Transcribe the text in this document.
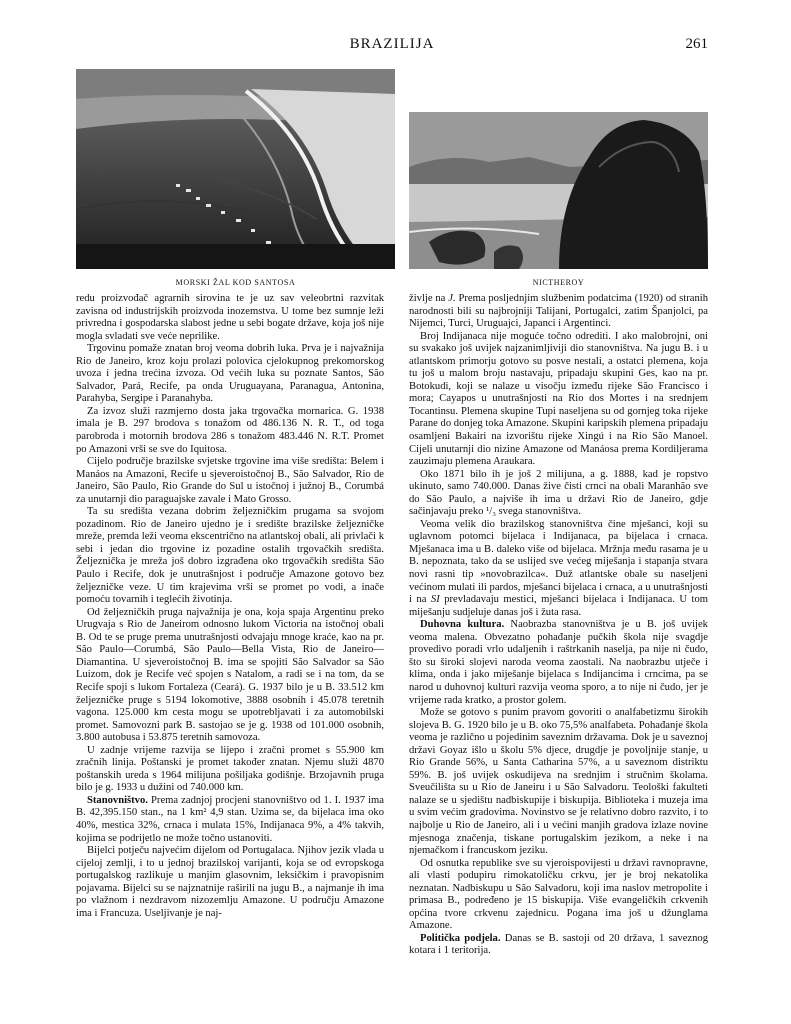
BRAZILIJA	261
MORSKI ŽAL KOD SANTOSA	NICTHEROY

redu proizvođač agrarnih sirovina te je uz sav veleobrtni razvitak zavisna od industrijskih proizvoda inozemstva. U tome bez sumnje leži privredna i gospodarska slabost jedne u sebi bogate države, koja još nije mogla svladati sve veće neprilike.

Trgovinu pomaže znatan broj veoma dobrih luka. Prva je i najvažnija Rio de Janeiro, kroz koju prolazi polovica cjelokupnog prekomorskog uvoza i jedna trećina izvoza. Od većih luka su poznate Santos, São Salvador, Pará, Recife, pa onda Uruguayana, Paranagua, Antonina, Parahyba, Sergipe i Paranahyba.

Za izvoz služi razmjerno dosta jaka trgovačka mornarica. G. 1938 imala je B. 297 brodova s tonažom od 486.136 N. R. T., od toga parobroda i motornih brodova 286 s tonažom 483.446 N. R.T. Promet po Amazoni vrši se sve do Iquitosa.

Cijelo područje brazilske svjetske trgovine ima više središta: Belem i Manáos na Amazoni, Recife u sjeveroistočnoj B., São Salvador, Rio de Janeiro, São Paulo, Rio Grande do Sul u istočnoj i južnoj B., Corumbá za unutarnji dio paraguajske zavale i Mato Grosso.

Ta su središta vezana dobrim željezničkim prugama sa svojom pozadinom. Rio de Janeiro ujedno je i središte brazilske željezničke mreže, premda leži veoma ekscentrično na atlantskoj obali, ali privlači k sebi i jedan dio trgovine iz pozadine ostalih trgovačkih središta. Željeznička je mreža još dobro izgrađena oko trgovačkih središta São Paulo i Recife, dok je unutrašnjost i područje Amazone gotovo bez željezničke veze. U tim krajevima vrši se promet po vodi, a inače pomoću tovarnih i teglećih životinja.

Od željezničkih pruga najvažnija je ona, koja spaja Argentinu preko Urugvaja s Rio de Janeirom odnosno lukom Victoria na istočnoj obali B. Od te se pruge prema unutrašnjosti odvajaju mnoge kraće, kao na pr. São Paulo—Corumbá, São Paulo—Bella Vista, Rio de Janeiro—Diamantina. U sjeveroistočnoj B. ima se spojiti São Salvador sa São Luizom, dok je Recife već spojen s Natalom, a radi se i na tom, da se Recife spoji s lukom Fortaleza (Ceará). G. 1937 bilo je u B. 33.512 km željezničke pruge s 5194 lokomotive, 3888 osobnih i 45.078 teretnih vagona. 125.000 km cesta mogu se upotrebljavati i za automobilski promet. Samovozni park B. sastojao se je g. 1938 od 101.000 osobnih, 3.800 autobusa i 53.875 teretnih samovoza.

U zadnje vrijeme razvija se lijepo i zračni promet s 55.900 km zračnih linija. Poštanski je promet također znatan. Njemu služi 4870 poštanskih ureda s 1964 milijuna pošiljaka godišnje. Brzojavnih pruga bilo je g. 1933 u dužini od 740.000 km.

Stanovništvo. Prema zadnjoj procjeni stanovništvo od 1. I. 1937 ima B. 42,395.150 stan., na 1 km² 4,9 stan. Uzima se, da bijelaca ima oko 40%, mestica 32%, crnaca i mulata 15%, Indijanaca 9%, a 4% takvih, kojima se podrijetlo ne može točno ustanoviti.

Bijelci potječu najvećim dijelom od Portugalaca. Njihov jezik vlada u cijeloj zemlji, i to u jednoj brazilskoj varijanti, koja se od evropskoga portugalskog razlikuje u manjim glasovnim, leksičkim i pravopisnim pojavama. Bijelci su se najznatnije raširili na jugu B., a najmanje ih ima po vlažnom i nezdravom nizozemlju Amazone. U području Amazone ima i Francuza. Useljivanje je naj-

življe na J. Prema posljednjim službenim podatcima (1920) od stranih narodnosti bili su najbrojniji Talijani, Portugalci, zatim Španjolci, pa Nijemci, Turci, Uruguajci, Japanci i Argentinci.

Broj Indijanaca nije moguće točno odrediti. I ako malobrojni, oni su svakako još uvijek najzanimljiviji dio stanovništva. Na jugu B. i u atlantskom primorju gotovo su posve nestali, a ostatci plemena, koja tu još u malom broju nastavaju, pripadaju skupini Ges, kao na pr. Botokudi, koji se nalaze u visočju između rijeke São Francisco i mora; Cayapos u unutrašnjosti na Rio dos Mortes i na srednjem Tocantinsu. Plemena skupine Tupi naseljena su od gornjeg toka rijeke Parane do donjeg toka Amazone. Skupini karipskih plemena pripadaju osamljeni Bakairi na izvorištu rijeke Xingú i na Rio São Manoel. Cijeli unutarnji dio nizine Amazone od Manáosa prema Kordiljerama zauzimaju plemena Araukara.

Oko 1871 bilo ih je još 2 milijuna, a g. 1888, kad je ropstvo ukinuto, samo 740.000. Danas žive čisti crnci na obali Maranhão sve do São Paulo, a najviše ih ima u državi Rio de Janeiro, gdje sačinjavaju preko ¹/₃ svega stanovništva.

Veoma velik dio brazilskog stanovništva čine mješanci, koji su uglavnom potomci bijelaca i Indijanaca, pa bijelaca i crnaca. Mješanaca ima u B. daleko više od bijelaca. Mržnja među rasama je u B. nepoznata, tako da se uslijed sve većeg miješanja i stapanja stvara novi rasni tip »novobrazilca«. Duž atlantske obale su naseljeni većinom mulati ili pardos, mješanci bijelaca i crnaca, a u unutrašnjosti i na SI prevladavaju mestici, mješanci bijelaca i Indijanaca. U tom miješanju sudjeluje danas još i žuta rasa.

Duhovna kultura. Naobrazba stanovništva je u B. još uvijek veoma malena. Obvezatno pohađanje pučkih škola nije svagdje provedivo poradi vrlo udaljenih i raštrkanih naselja, pa nije ni čudo, što su široki slojevi naroda veoma zaostali. Na naobrazbu utječe i klima, onda i jako miješanje bijelaca s Indijancima i crncima, pa se narod u duhovnoj kulturi razvija veoma sporo, a to nije ni čudo, jer je vrijeme rada kratko, a prostor golem.

Može se gotovo s punim pravom govoriti o analfabetizmu širokih slojeva B. G. 1920 bilo je u B. oko 75,5% analfabeta. Pohađanje škola veoma je različno u pojedinim saveznim državama. Dok je u saveznoj državi Goyaz išlo u školu 5% djece, drugdje je povoljnije stanje, u Rio Grande 56%, u Santa Catharina 57%, a u saveznom distriktu 59%. B. još uvijek oskudijeva na srednjim i stručnim školama. Sveučilišta su u Rio de Janeiru i u São Salvadoru. Teološki fakulteti nalaze se u sjedištu nadbiskupije i biskupija. Biblioteka i muzeja ima u svim većim gradovima. Novinstvo se je relativno dobro razvito, i to najbolje u Rio de Janeiro, ali i u većini manjih gradova izlaze novine mjesnoga značenja, tiskane portugalskim jezikom, a neke i na njemačkom i francuskom jeziku.

Od osnutka republike sve su vjeroispovijesti u državi ravnopravne, ali vlasti podupiru rimokatoličku crkvu, jer je broj nekatolika neznatan. Nadbiskupu u São Salvadoru, koji ima naslov metropolite i primasa B., podređeno je 15 biskupija. Više evangeličkih crkvenih općina tvore crkvenu zajednicu. Pogana ima još u džunglama Amazone.

Politička podjela. Danas se B. sastoji od 20 država, 1 saveznog kotara i 1 teritorija.
